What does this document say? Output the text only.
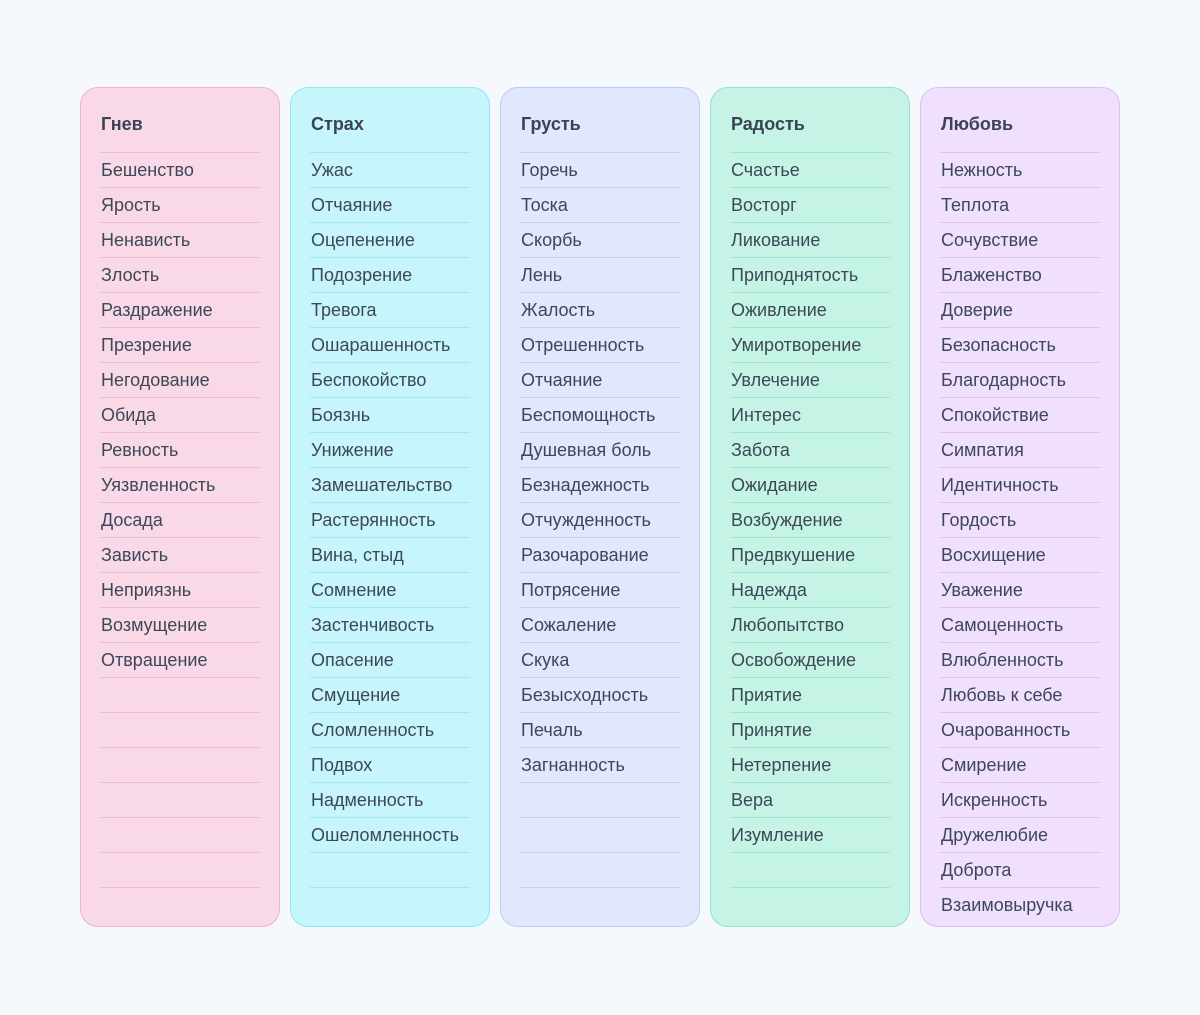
Гнев
Бешенство
Ярость
Ненависть
Злость
Раздражение
Презрение
Негодование
Обида
Ревность
Уязвленность
Досада
Зависть
Неприязнь
Возмущение
Отвращение
Страх
Ужас
Отчаяние
Оцепенение
Подозрение
Тревога
Ошарашенность
Беспокойство
Боязнь
Унижение
Замешательство
Растерянность
Вина, стыд
Сомнение
Застенчивость
Опасение
Смущение
Сломленность
Подвох
Надменность
Ошеломленность
Грусть
Горечь
Тоска
Скорбь
Лень
Жалость
Отрешенность
Отчаяние
Беспомощность
Душевная боль
Безнадежность
Отчужденность
Разочарование
Потрясение
Сожаление
Скука
Безысходность
Печаль
Загнанность
Радость
Счастье
Восторг
Ликование
Приподнятость
Оживление
Умиротворение
Увлечение
Интерес
Забота
Ожидание
Возбуждение
Предвкушение
Надежда
Любопытство
Освобождение
Приятие
Принятие
Нетерпение
Вера
Изумление
Любовь
Нежность
Теплота
Сочувствие
Блаженство
Доверие
Безопасность
Благодарность
Спокойствие
Симпатия
Идентичность
Гордость
Восхищение
Уважение
Самоценность
Влюбленность
Любовь к себе
Очарованность
Смирение
Искренность
Дружелюбие
Доброта
Взаимовыручка
